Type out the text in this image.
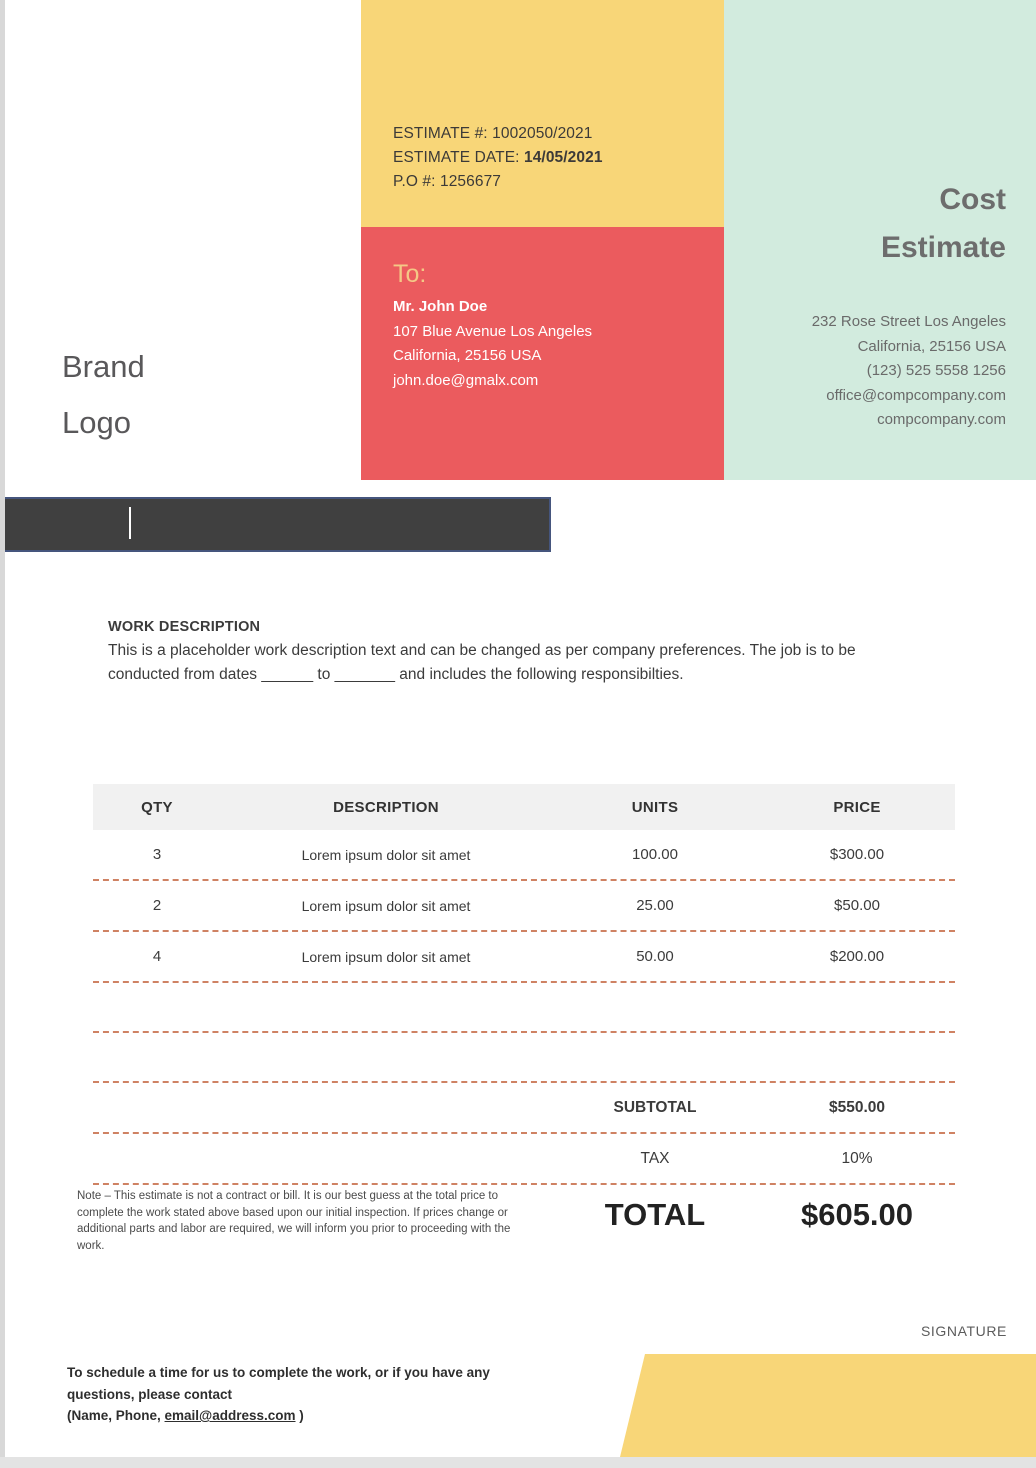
ESTIMATE #: 1002050/2021
ESTIMATE DATE: 14/05/2021
P.O #: 1256677
To:
Mr. John Doe
107 Blue Avenue Los Angeles
California, 25156 USA
john.doe@gmalx.com
Cost
Estimate
232 Rose Street Los Angeles
California, 25156 USA
(123) 525 5558 1256
office@compcompany.com
compcompany.com
Brand
Logo
WORK DESCRIPTION
This is a placeholder work description text and can be changed as per company preferences. The job is to be
conducted from dates ______ to _______ and includes the following responsibilties.
QTY	DESCRIPTION	UNITS	PRICE
3	Lorem ipsum dolor sit amet	100.00	$300.00
2	Lorem ipsum dolor sit amet	25.00	$50.00
4	Lorem ipsum dolor sit amet	50.00	$200.00
SUBTOTAL	$550.00
TAX	10%
TOTAL	$605.00
Note – This estimate is not a contract or bill. It is our best guess at the total price to complete the work stated above based upon our initial inspection. If prices change or additional parts and labor are required, we will inform you prior to proceeding with the work.
SIGNATURE
To schedule a time for us to complete the work, or if you have any
questions, please contact
(Name, Phone, email@address.com )
